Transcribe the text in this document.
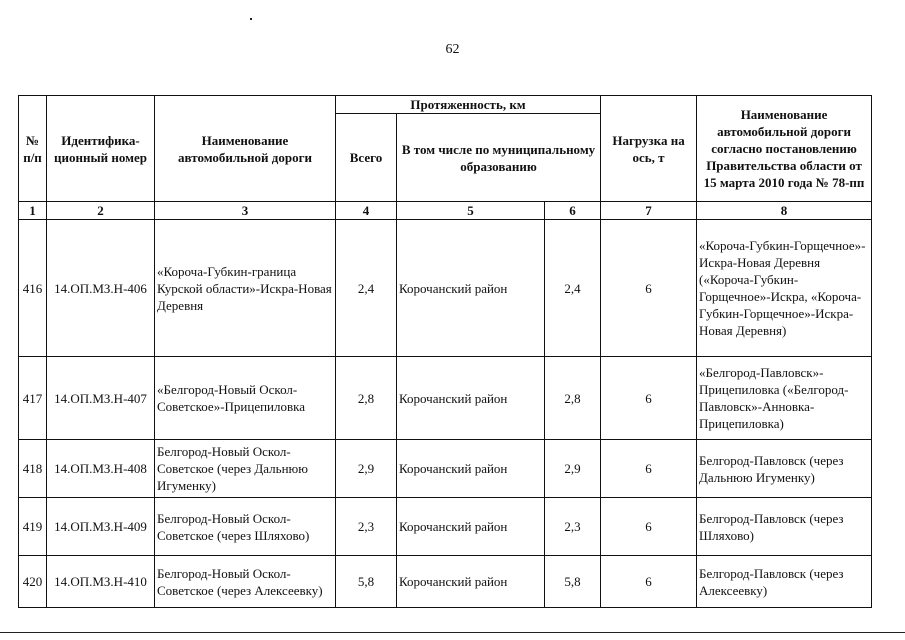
62
№ п/п	Идентифика-ционный номер	Наименование автомобильной дороги	Протяженность, км			Нагрузка на ось, т	Наименование автомобильной дороги согласно постановлению Правительства области от 15 марта 2010 года № 78-пп
			Всего	В том числе по муниципальному образованию			
1	2	3	4	5	6	7	8
416	14.ОП.МЗ.Н-406	«Короча-Губкин-граница Курской области»-Искра-Новая Деревня	2,4	Корочанский район	2,4	6	«Короча-Губкин-Горщечное»-Искра-Новая Деревня («Короча-Губкин-Горщечное»-Искра, «Короча-Губкин-Горщечное»-Искра-Новая Деревня)
417	14.ОП.МЗ.Н-407	«Белгород-Новый Оскол-Советское»-Прицепиловка	2,8	Корочанский район	2,8	6	«Белгород-Павловск»-Прицепиловка («Белгород-Павловск»-Анновка-Прицепиловка)
418	14.ОП.МЗ.Н-408	Белгород-Новый Оскол-Советское (через Дальнюю Игуменку)	2,9	Корочанский район	2,9	6	Белгород-Павловск (через Дальнюю Игуменку)
419	14.ОП.МЗ.Н-409	Белгород-Новый Оскол-Советское (через Шляхово)	2,3	Корочанский район	2,3	6	Белгород-Павловск (через Шляхово)
420	14.ОП.МЗ.Н-410	Белгород-Новый Оскол-Советское (через Алексеевку)	5,8	Корочанский район	5,8	6	Белгород-Павловск (через Алексеевку)
